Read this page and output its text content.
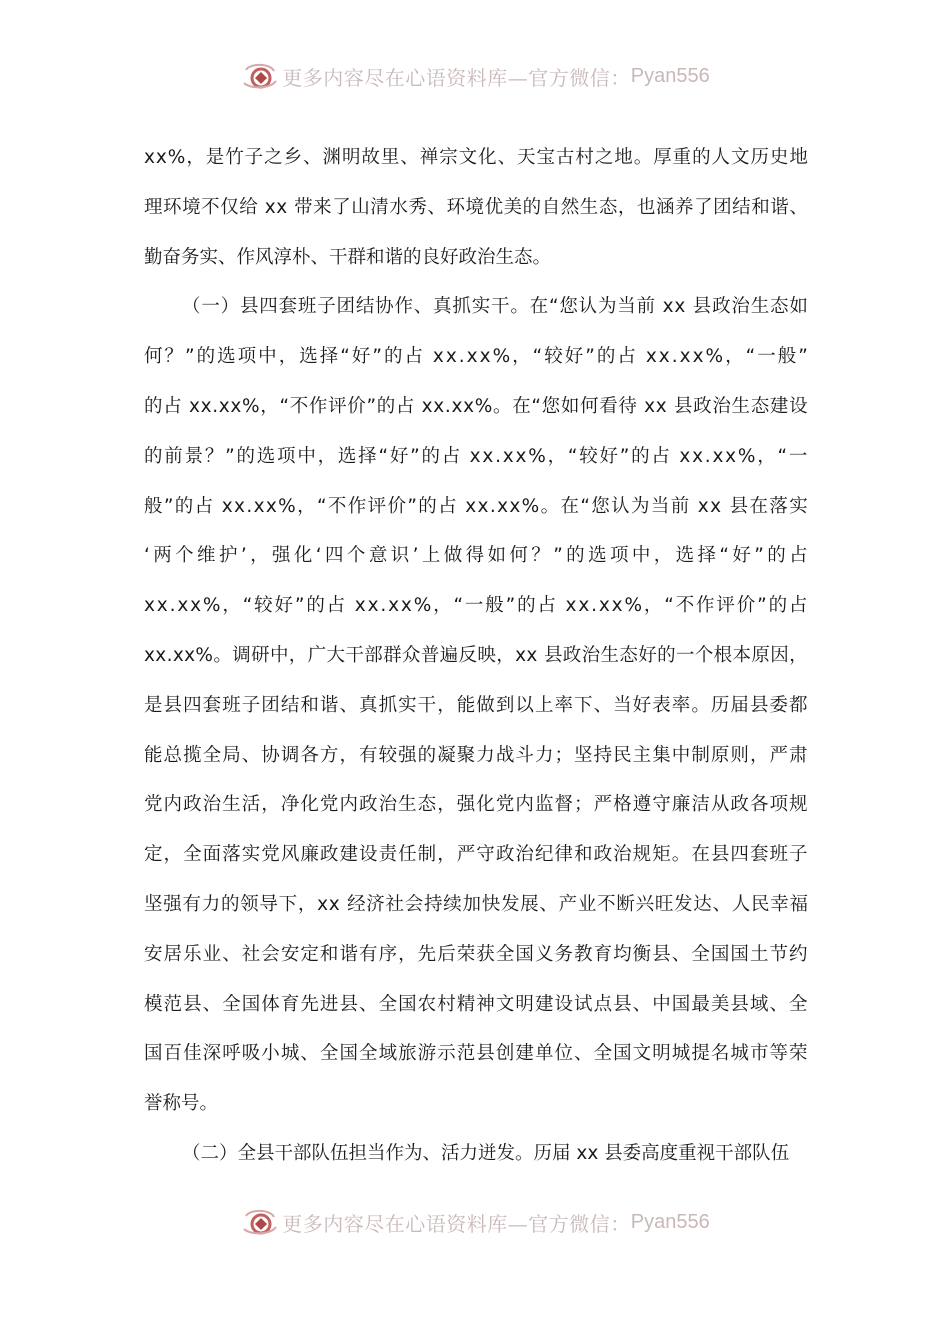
更多内容尽在心语资料库—官方微信： Pyan556
x x % ， 是 竹 子 之 乡 、 渊 明 故 里 、 禅 宗 文 化 、 天 宝 古 村 之 地 。 厚 重 的 人 文 历 史 地
理 环 境 不 仅 给
x x
带 来 了 山 清 水 秀 、 环 境 优 美 的 自 然 生 态 ， 也 涵 养 了 团 结 和 谐 、
勤奋务实、作风淳朴、干群和谐的良好政治生态。
（ 一 ） 县 四 套 班 子 团 结 协 作 、 真 抓 实 干 。 在 “ 您 认 为 当 前
x x
县 政 治 生 态 如
何 ？ ” 的 选 项 中 ， 选 择 “ 好 ” 的 占
x x . x x % ， “ 较 好 ” 的 占
x x . x x % ， “ 一 般 ”
的 占
x x . x x % ， “ 不 作 评 价 ” 的 占
x x . x x % 。 在 “ 您 如 何 看 待
x x
县 政 治 生 态 建 设
的 前 景 ？ ” 的 选 项 中 ， 选 择 “ 好 ” 的 占
x x . x x % ， “ 较 好 ” 的 占
x x . x x % ， “ 一
般 ” 的 占
x x . x x % ， “ 不 作 评 价 ” 的 占
x x . x x % 。 在 “ 您 认 为 当 前
x x
县 在 落 实
‘ 两 个 维 护 ’ ， 强 化 ‘ 四 个 意 识 ’ 上 做 得 如 何 ？ ” 的 选 项 中 ， 选 择 “ 好 ” 的 占
x x . x x % ， “ 较 好 ” 的 占
x x . x x % ， “ 一 般 ” 的 占
x x . x x % ， “ 不 作 评 价 ” 的 占
x x . x x % 。 调 研 中 ， 广 大 干 部 群 众 普 遍 反 映 ， x x
县 政 治 生 态 好 的 一 个 根 本 原 因 ，
是 县 四 套 班 子 团 结 和 谐 、 真 抓 实 干 ， 能 做 到 以 上 率 下 、 当 好 表 率 。 历 届 县 委 都
能 总 揽 全 局 、 协 调 各 方 ， 有 较 强 的 凝 聚 力 战 斗 力 ； 坚 持 民 主 集 中 制 原 则 ， 严 肃
党 内 政 治 生 活 ， 净 化 党 内 政 治 生 态 ， 强 化 党 内 监 督 ； 严 格 遵 守 廉 洁 从 政 各 项 规
定 ， 全 面 落 实 党 风 廉 政 建 设 责 任 制 ， 严 守 政 治 纪 律 和 政 治 规 矩 。 在 县 四 套 班 子
坚 强 有 力 的 领 导 下 ， x x
经 济 社 会 持 续 加 快 发 展 、 产 业 不 断 兴 旺 发 达 、 人 民 幸 福
安 居 乐 业 、 社 会 安 定 和 谐 有 序 ， 先 后 荣 获 全 国 义 务 教 育 均 衡 县 、 全 国 国 土 节 约
模 范 县 、 全 国 体 育 先 进 县 、 全 国 农 村 精 神 文 明 建 设 试 点 县 、 中 国 最 美 县 域 、 全
国 百 佳 深 呼 吸 小 城 、 全 国 全 域 旅 游 示 范 县 创 建 单 位 、 全 国 文 明 城 提 名 城 市 等 荣
誉称号。
（二）全县干部队伍担当作为、活力迸发。历届 xx 县委高度重视干部队伍
更多内容尽在心语资料库—官方微信： Pyan556
